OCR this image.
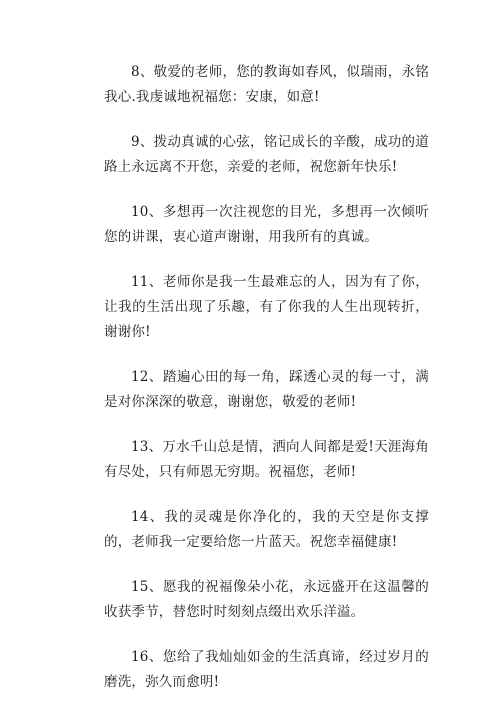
8、敬爱的老师，您的教诲如春风，似瑞雨，永铭我心.我虔诚地祝福您：安康，如意!

9、拨动真诚的心弦，铭记成长的辛酸，成功的道路上永远离不开您，亲爱的老师，祝您新年快乐!

10、多想再一次注视您的目光，多想再一次倾听您的讲课，衷心道声谢谢，用我所有的真诚。

11、老师你是我一生最难忘的人，因为有了你，让我的生活出现了乐趣，有了你我的人生出现转折，谢谢你!

12、踏遍心田的每一角，踩透心灵的每一寸，满是对你深深的敬意，谢谢您，敬爱的老师!

13、万水千山总是情，洒向人间都是爱!天涯海角有尽处，只有师恩无穷期。祝福您，老师!

14、我的灵魂是你净化的，我的天空是你支撑的，老师我一定要给您一片蓝天。祝您幸福健康!

15、愿我的祝福像朵小花，永远盛开在这温馨的收获季节，替您时时刻刻点缀出欢乐洋溢。

16、您给了我灿灿如金的生活真谛，经过岁月的磨洗，弥久而愈明!
